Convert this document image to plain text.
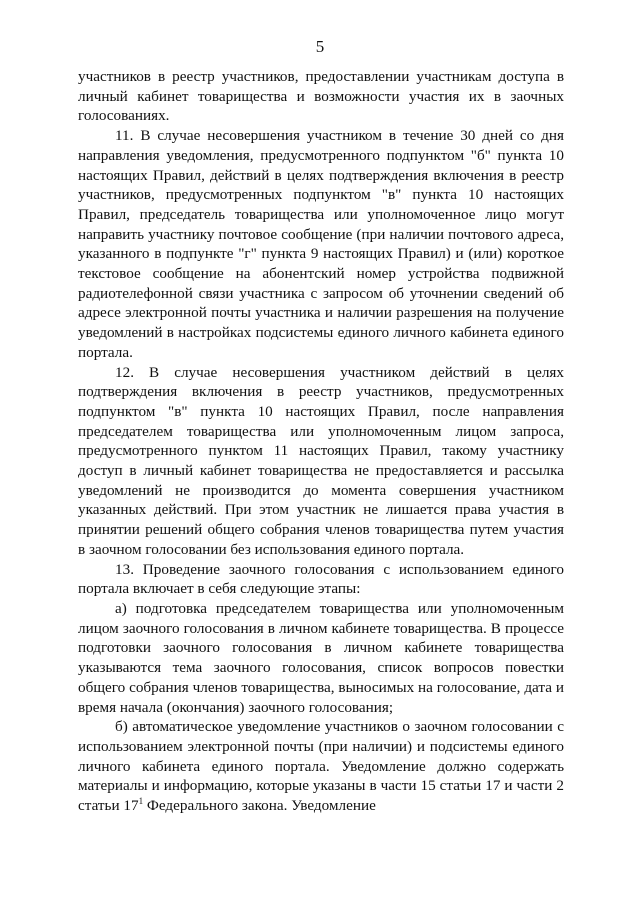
5

участников в реестр участников, предоставлении участникам доступа в личный кабинет товарищества и возможности участия их в заочных голосованиях.

11. В случае несовершения участником в течение 30 дней со дня направления уведомления, предусмотренного подпунктом "б" пункта 10 настоящих Правил, действий в целях подтверждения включения в реестр участников, предусмотренных подпунктом "в" пункта 10 настоящих Правил, председатель товарищества или уполномоченное лицо могут направить участнику почтовое сообщение (при наличии почтового адреса, указанного в подпункте "г" пункта 9 настоящих Правил) и (или) короткое текстовое сообщение на абонентский номер устройства подвижной радиотелефонной связи участника с запросом об уточнении сведений об адресе электронной почты участника и наличии разрешения на получение уведомлений в настройках подсистемы единого личного кабинета единого портала.

12. В случае несовершения участником действий в целях подтверждения включения в реестр участников, предусмотренных подпунктом "в" пункта 10 настоящих Правил, после направления председателем товарищества или уполномоченным лицом запроса, предусмотренного пунктом 11 настоящих Правил, такому участнику доступ в личный кабинет товарищества не предоставляется и рассылка уведомлений не производится до момента совершения участником указанных действий. При этом участник не лишается права участия в принятии решений общего собрания членов товарищества путем участия в заочном голосовании без использования единого портала.

13. Проведение заочного голосования с использованием единого портала включает в себя следующие этапы:

а) подготовка председателем товарищества или уполномоченным лицом заочного голосования в личном кабинете товарищества. В процессе подготовки заочного голосования в личном кабинете товарищества указываются тема заочного голосования, список вопросов повестки общего собрания членов товарищества, выносимых на голосование, дата и время начала (окончания) заочного голосования;

б) автоматическое уведомление участников о заочном голосовании с использованием электронной почты (при наличии) и подсистемы единого личного кабинета единого портала. Уведомление должно содержать материалы и информацию, которые указаны в части 15 статьи 17 и части 2 статьи $17^1$ Федерального закона. Уведомление
